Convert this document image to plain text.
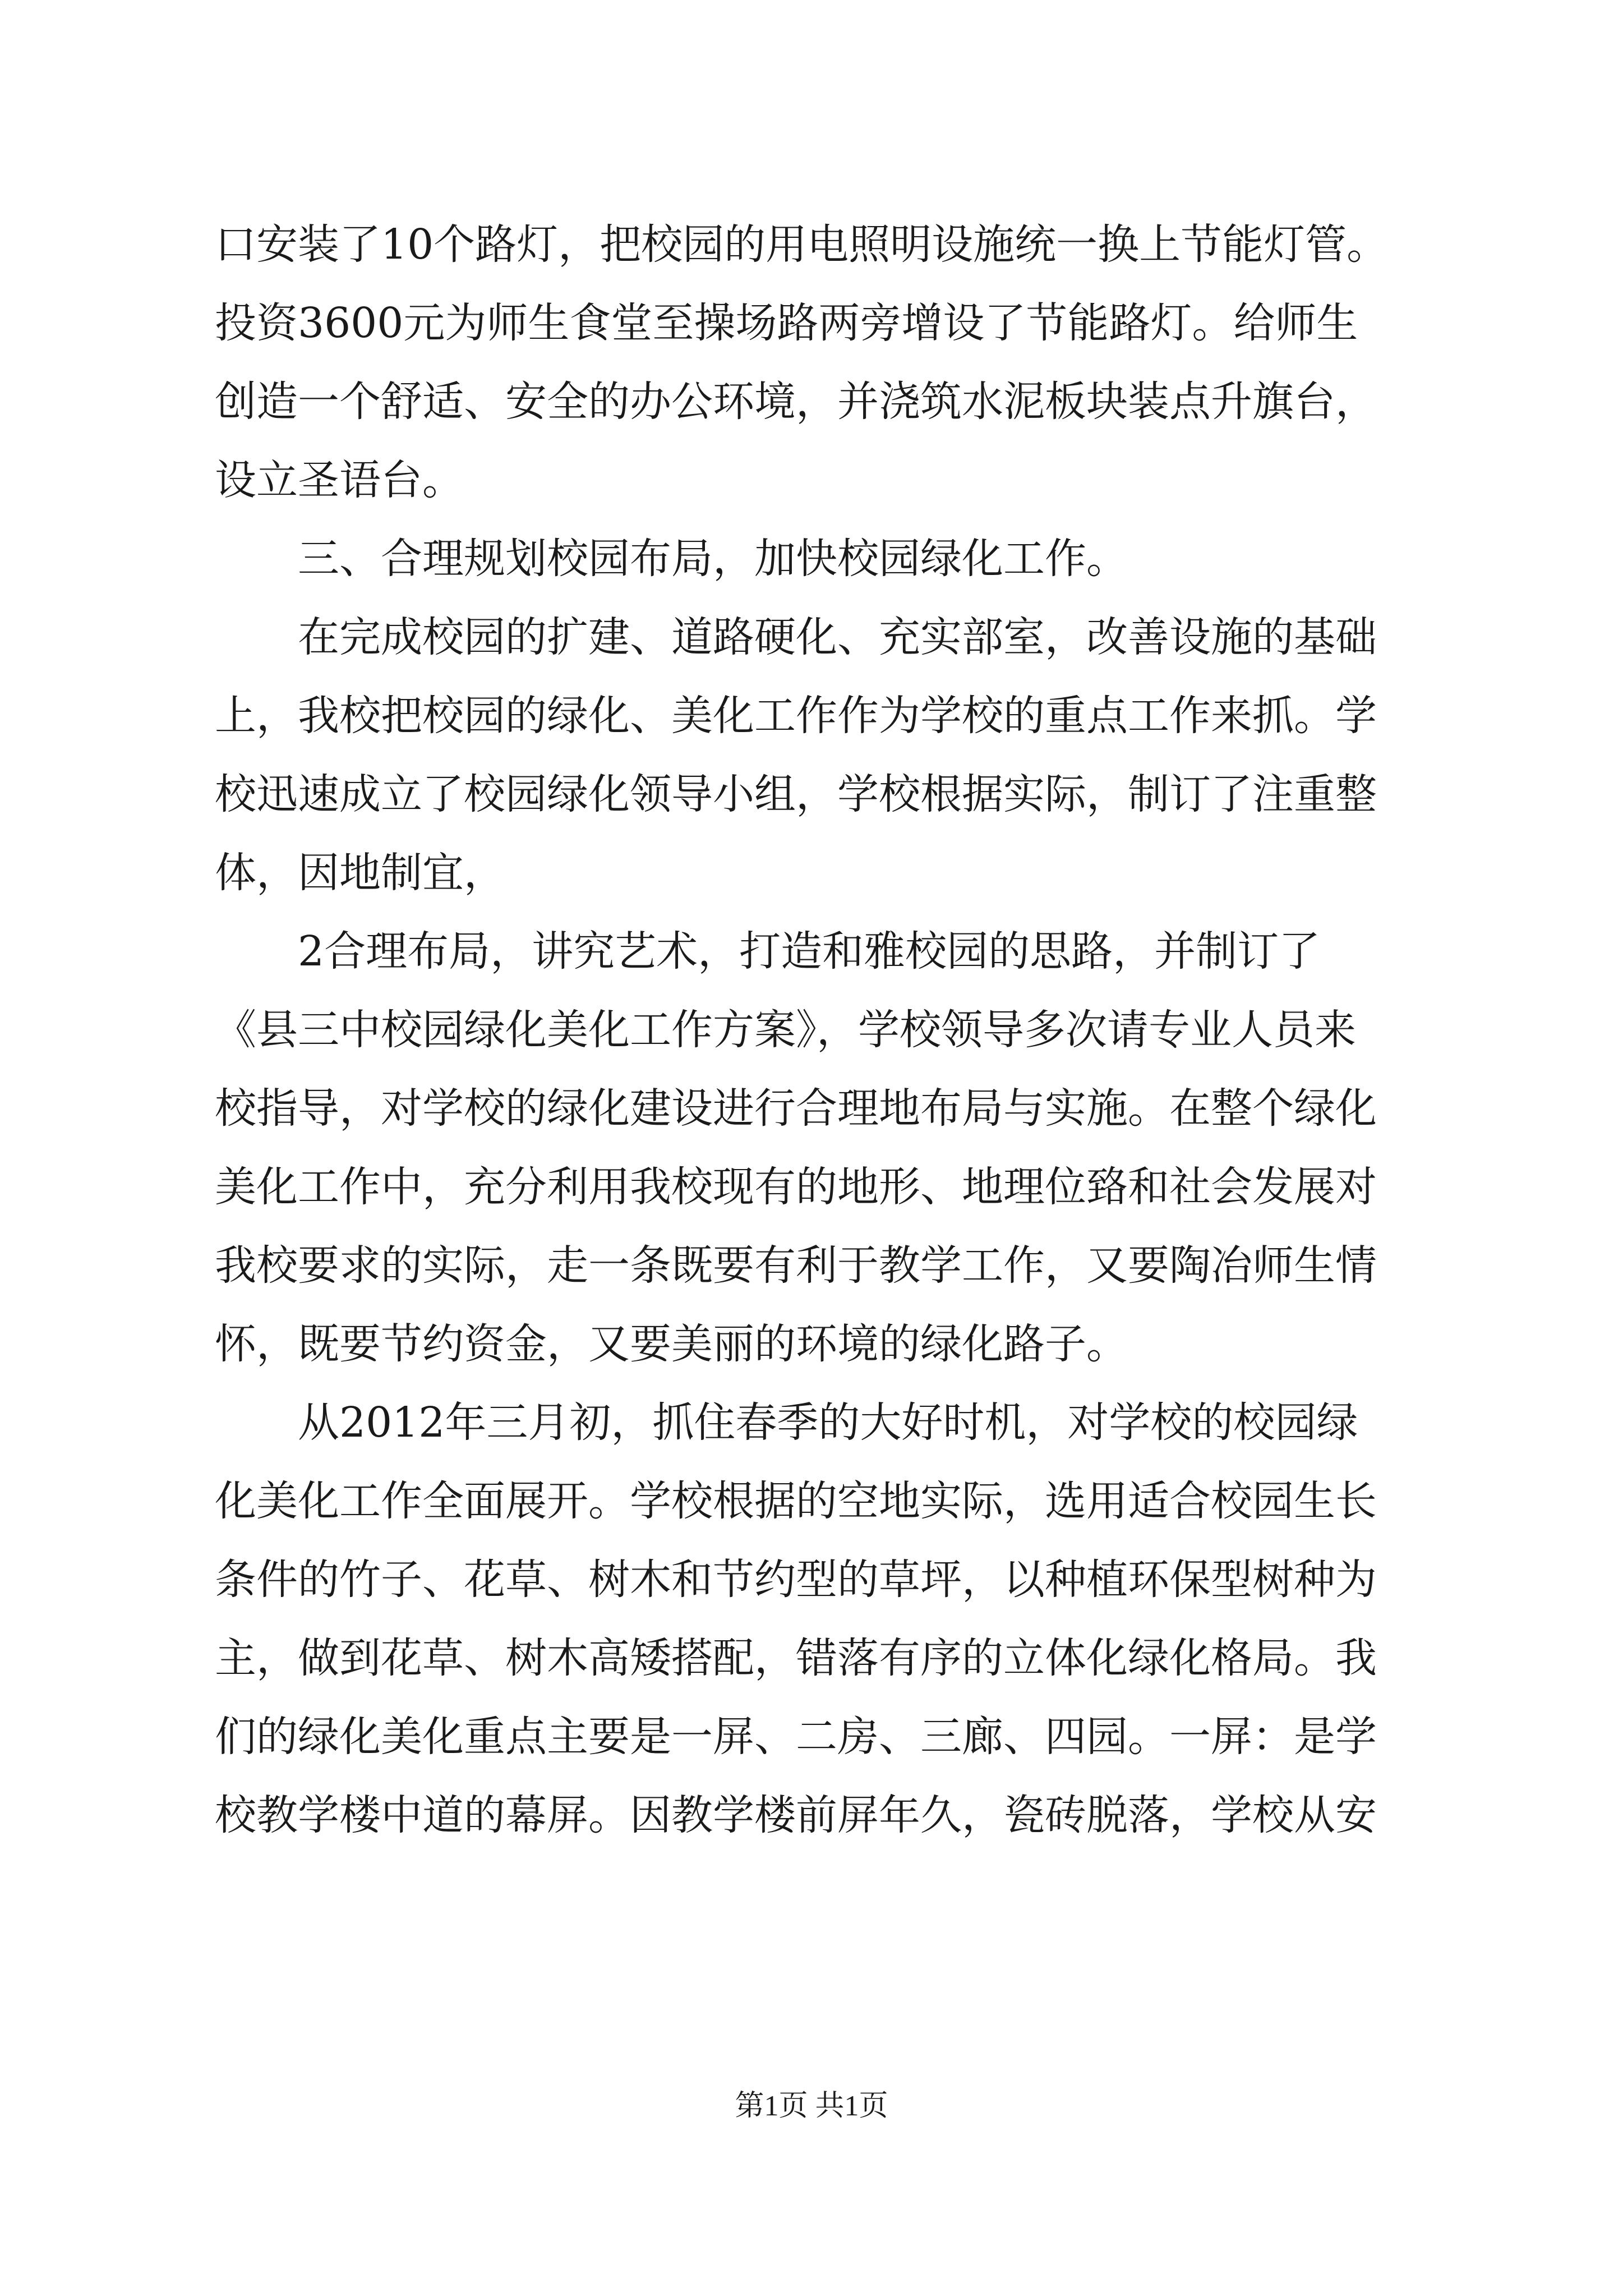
口安装了10个路灯，把校园的用电照明设施统一换上节能灯管。
投资3600元为师生食堂至操场路两旁增设了节能路灯。给师生
创造一个舒适、安全的办公环境，并浇筑水泥板块装点升旗台，
设立圣语台。
　　三、合理规划校园布局，加快校园绿化工作。
　　在完成校园的扩建、道路硬化、充实部室，改善设施的基础
上，我校把校园的绿化、美化工作作为学校的重点工作来抓。学
校迅速成立了校园绿化领导小组，学校根据实际，制订了注重整
体，因地制宜，
　　2合理布局，讲究艺术，打造和雅校园的思路，并制订了
《县三中校园绿化美化工作方案》，学校领导多次请专业人员来
校指导，对学校的绿化建设进行合理地布局与实施。在整个绿化
美化工作中，充分利用我校现有的地形、地理位臵和社会发展对
我校要求的实际，走一条既要有利于教学工作，又要陶冶师生情
怀，既要节约资金，又要美丽的环境的绿化路子。
　　从2012年三月初，抓住春季的大好时机，对学校的校园绿
化美化工作全面展开。学校根据的空地实际，选用适合校园生长
条件的竹子、花草、树木和节约型的草坪，以种植环保型树种为
主，做到花草、树木高矮搭配，错落有序的立体化绿化格局。我
们的绿化美化重点主要是一屏、二房、三廊、四园。一屏：是学
校教学楼中道的幕屏。因教学楼前屏年久，瓷砖脱落，学校从安
第1页 共1页
